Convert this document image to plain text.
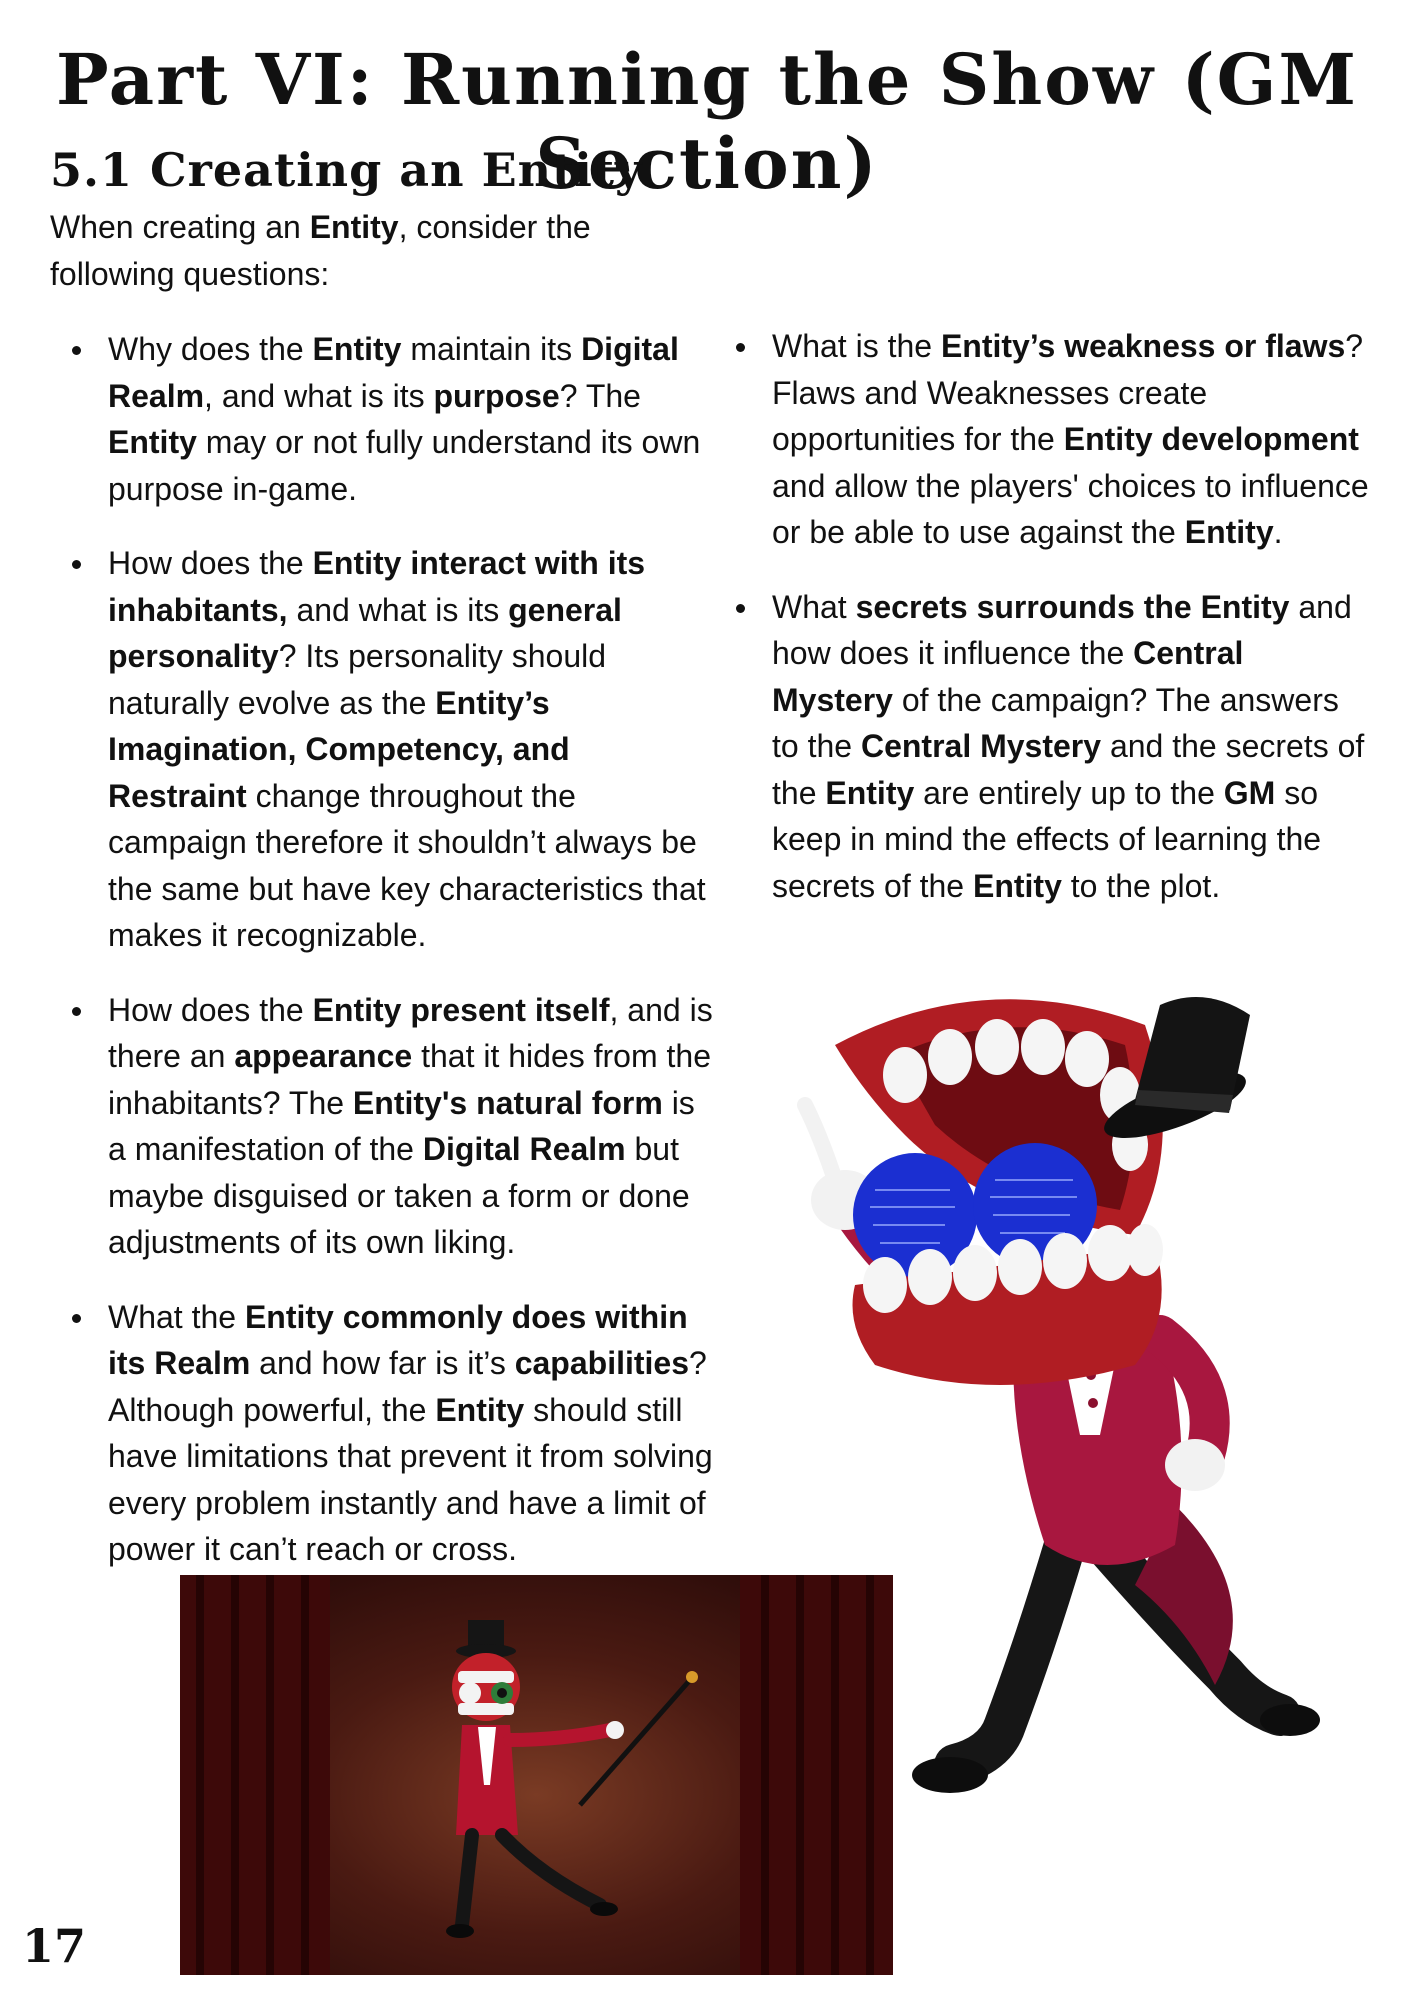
Part VI: Running the Show (GM Section)
5.1 Creating an Entity

When creating an Entity, consider the following questions:

Why does the Entity maintain its Digital Realm, and what is its purpose? The Entity may or not fully understand its own purpose in-game.
How does the Entity interact with its inhabitants, and what is its general personality? Its personality should naturally evolve as the Entity’s Imagination, Competency, and Restraint change throughout the campaign therefore it shouldn’t always be the same but have key characteristics that makes it recognizable.
How does the Entity present itself, and is there an appearance that it hides from the inhabitants? The Entity's natural form is a manifestation of the Digital Realm but maybe disguised or taken a form or done adjustments of its own liking.
What the Entity commonly does within its Realm and how far is it’s capabilities? Although powerful, the Entity should still have limitations that prevent it from solving every problem instantly and have a limit of power it can’t reach or cross.
What is the Entity’s weakness or flaws? Flaws and Weaknesses create opportunities for the Entity development and allow the players' choices to influence or be able to use against the Entity.
What secrets surrounds the Entity and how does it influence the Central Mystery of the campaign? The answers to the Central Mystery and the secrets of the Entity are entirely up to the GM so keep in mind the effects of learning the secrets of the Entity to the plot.

17
